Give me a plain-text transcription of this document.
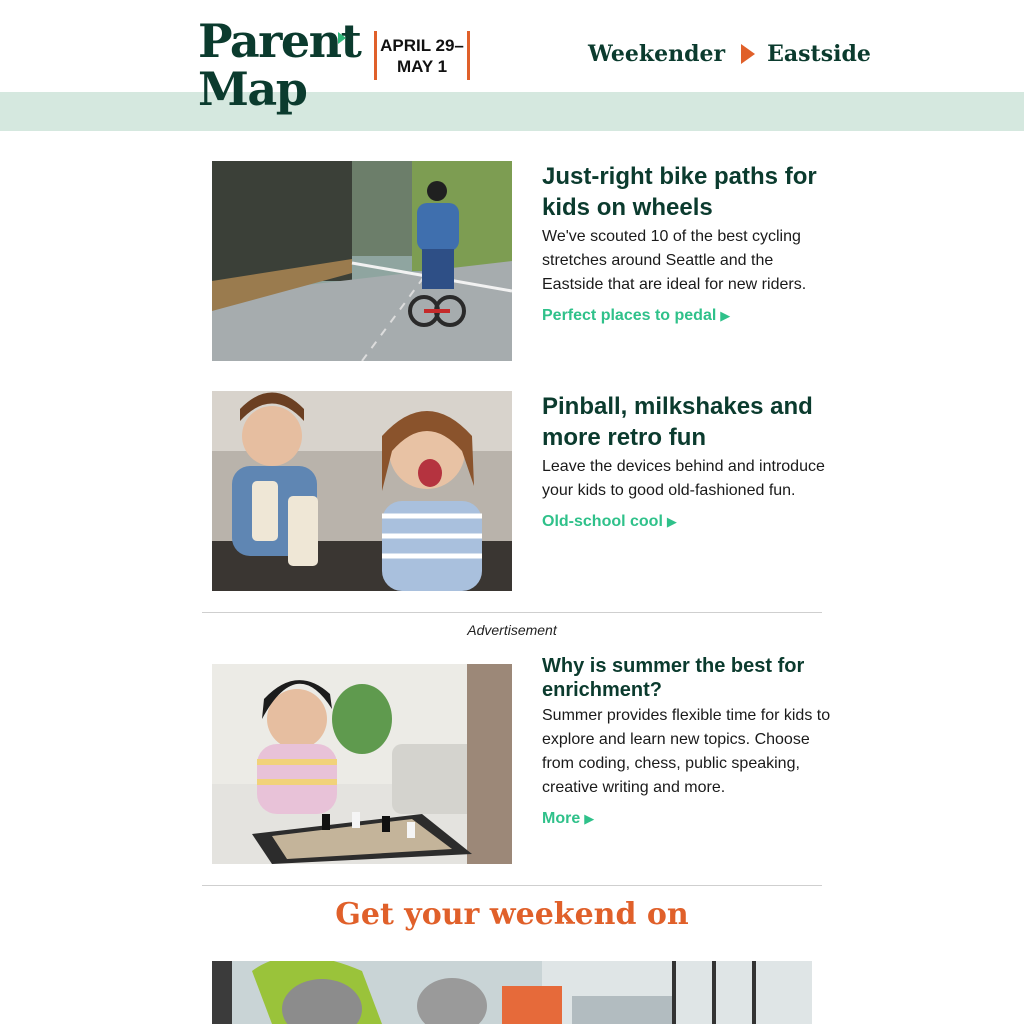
Parent
Map
APRIL 29–
MAY 1	Weekender Eastside
Just-right bike paths for kids on wheels

We've scouted 10 of the best cycling stretches around Seattle and the Eastside that are ideal for new riders.

Perfect places to pedal ▶
Pinball, milkshakes and more retro fun

Leave the devices behind and introduce your kids to good old-fashioned fun.

Old-school cool ▶
Advertisement
Why is summer the best for enrichment?

Summer provides flexible time for kids to explore and learn new topics. Choose from coding, chess, public speaking, creative writing and more.

More ▶
Get your weekend on
